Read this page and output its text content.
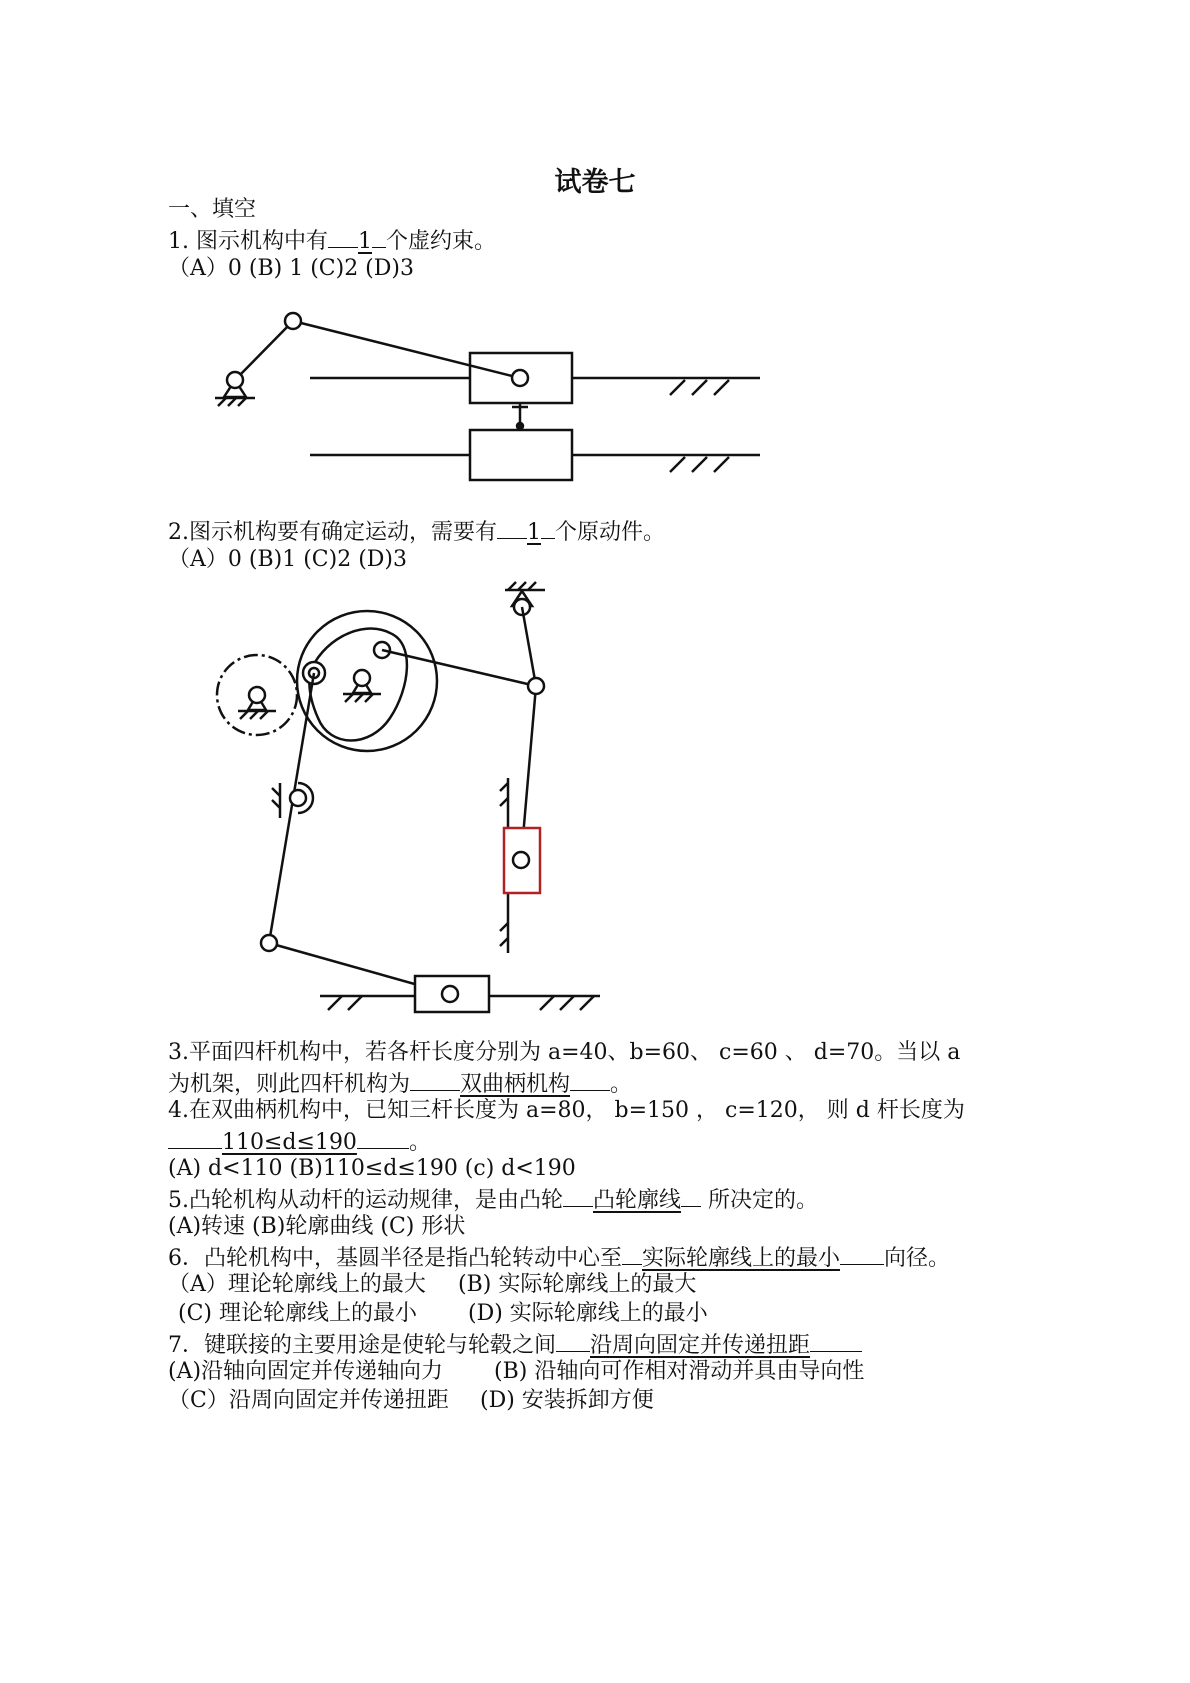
试卷七
一、填空
1. 图示机构中有 1 个虚约束。
（A）0 (B) 1 (C)2 (D)3
2.图示机构要有确定运动，需要有 1 个原动件。
（A）0 (B)1 (C)2 (D)3
3.平面四杆机构中，若各杆长度分别为 a=40、b=60、 c=60 、 d=70。当以 a
为机架，则此四杆机构为 双曲柄机构 。
4.在双曲柄机构中，已知三杆长度为 a=80， b=150 ， c=120， 则 d 杆长度为
110≤d≤190 。
(A) d<110 (B)110≤d≤190 (c) d<190
5.凸轮机构从动杆的运动规律，是由凸轮 凸轮廓线 所决定的。
(A)转速 (B)轮廓曲线 (C) 形状
6．凸轮机构中，基圆半径是指凸轮转动中心至 实际轮廓线上的最小 向径。
（A）理论轮廓线上的最大 (B) 实际轮廓线上的最大
(C) 理论轮廓线上的最小 (D) 实际轮廓线上的最小
7．键联接的主要用途是使轮与轮毂之间 沿周向固定并传递扭距
(A)沿轴向固定并传递轴向力 (B) 沿轴向可作相对滑动并具由导向性
（C）沿周向固定并传递扭距 (D) 安装拆卸方便
